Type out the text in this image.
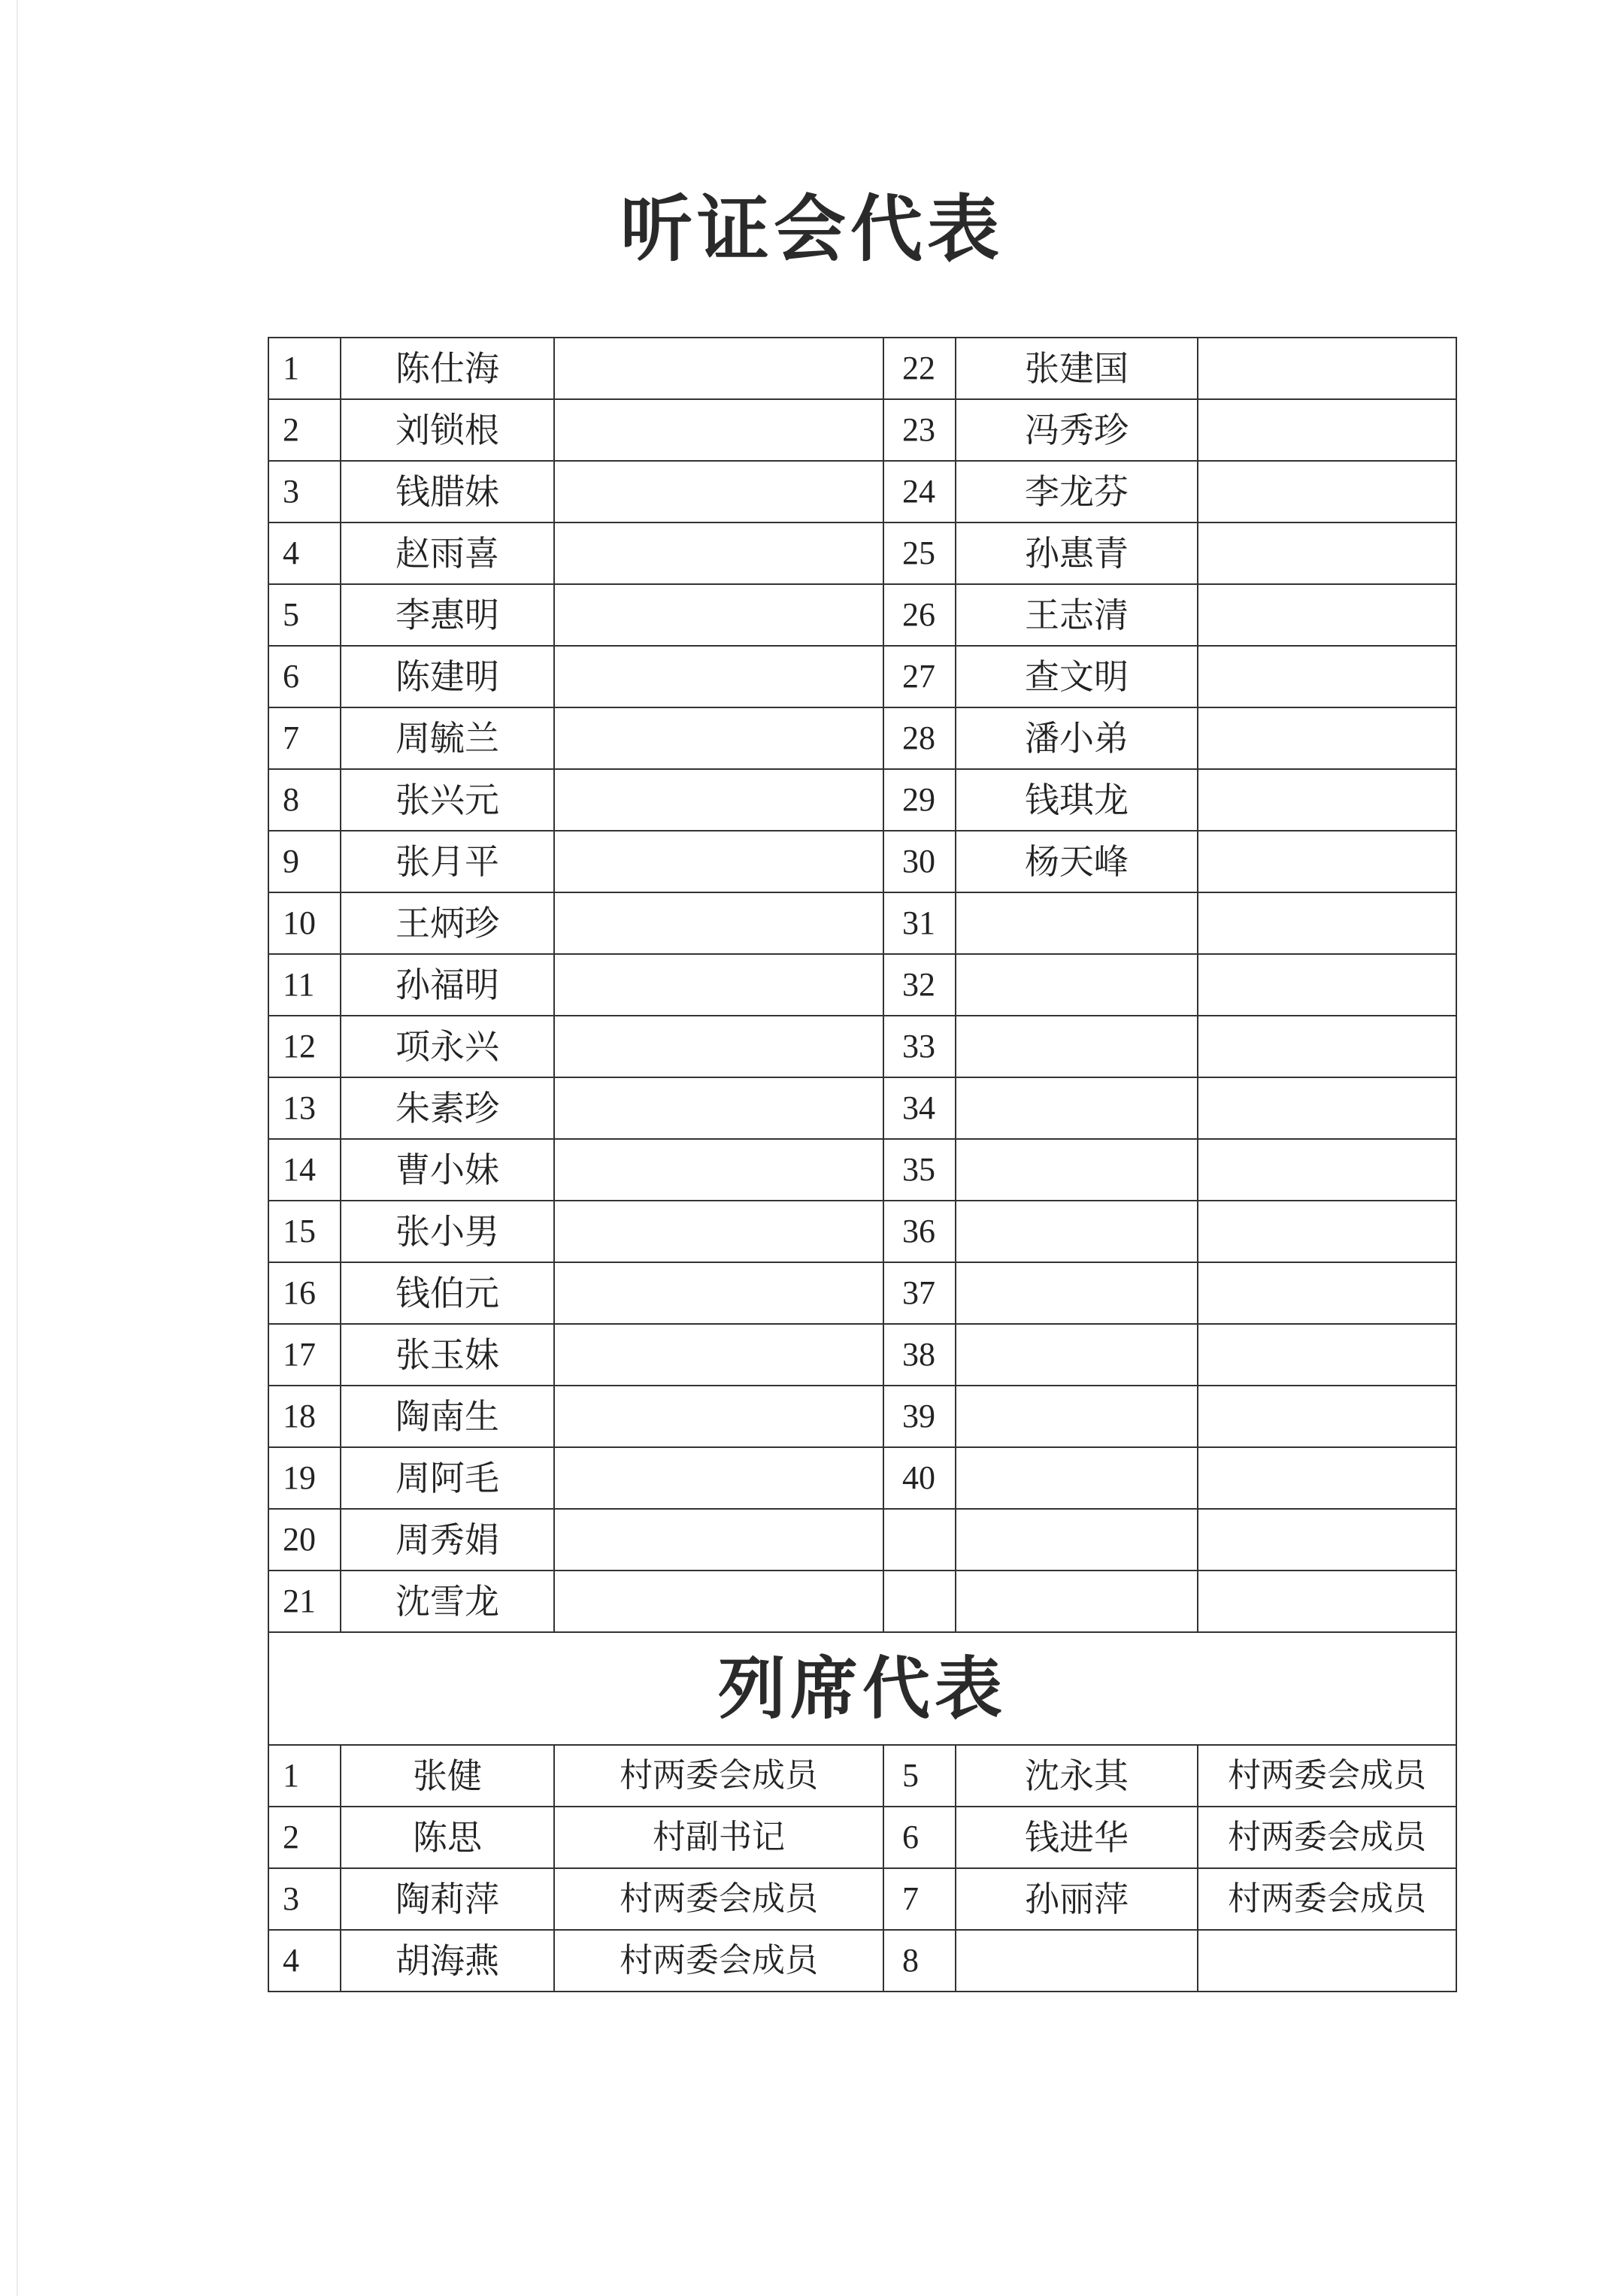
听证会代表
1	陈仕海		22	张建国	
2	刘锁根		23	冯秀珍	
3	钱腊妹		24	李龙芬	
4	赵雨喜		25	孙惠青	
5	李惠明		26	王志清	
6	陈建明		27	查文明	
7	周毓兰		28	潘小弟	
8	张兴元		29	钱琪龙	
9	张月平		30	杨天峰	
10	王炳珍		31		
11	孙福明		32		
12	项永兴		33		
13	朱素珍		34		
14	曹小妹		35		
15	张小男		36		
16	钱伯元		37		
17	张玉妹		38		
18	陶南生		39		
19	周阿毛		40		
20	周秀娟				
21	沈雪龙				
列席代表					
1	张健	村两委会成员	5	沈永其	村两委会成员
2	陈思	村副书记	6	钱进华	村两委会成员
3	陶莉萍	村两委会成员	7	孙丽萍	村两委会成员
4	胡海燕	村两委会成员	8		
